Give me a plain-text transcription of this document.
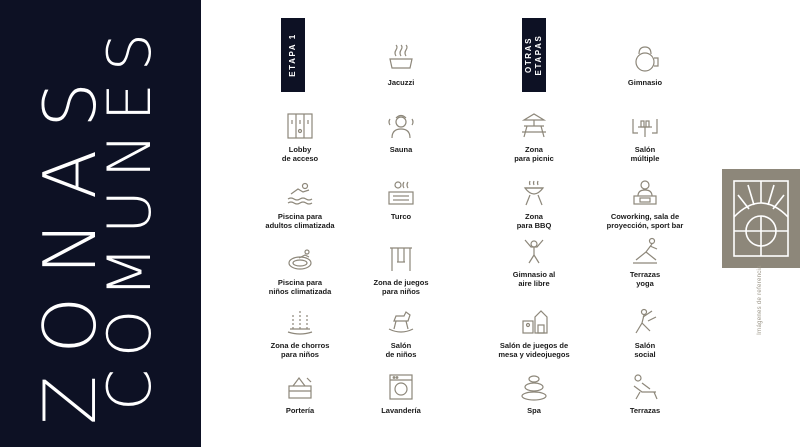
ZONAS
COMUNES	ETAPA 1	OTRAS ETAPAS
Lobby
de acceso
Piscina para
adultos climatizada
Piscina para
niños climatizada
Zona de chorros
para niños
Portería
Jacuzzi
Sauna
Turco
Zona de juegos
para niños
Salón
de niños
Lavandería
Zona
para picnic
Zona
para BBQ
Gimnasio al
aire libre
Salón de juegos de
mesa y videojuegos
Spa
Gimnasio
Salón
múltiple
Coworking, sala de
proyección, sport bar
Terrazas
yoga
Salón
social
Terrazas
Imágenes de referencia
